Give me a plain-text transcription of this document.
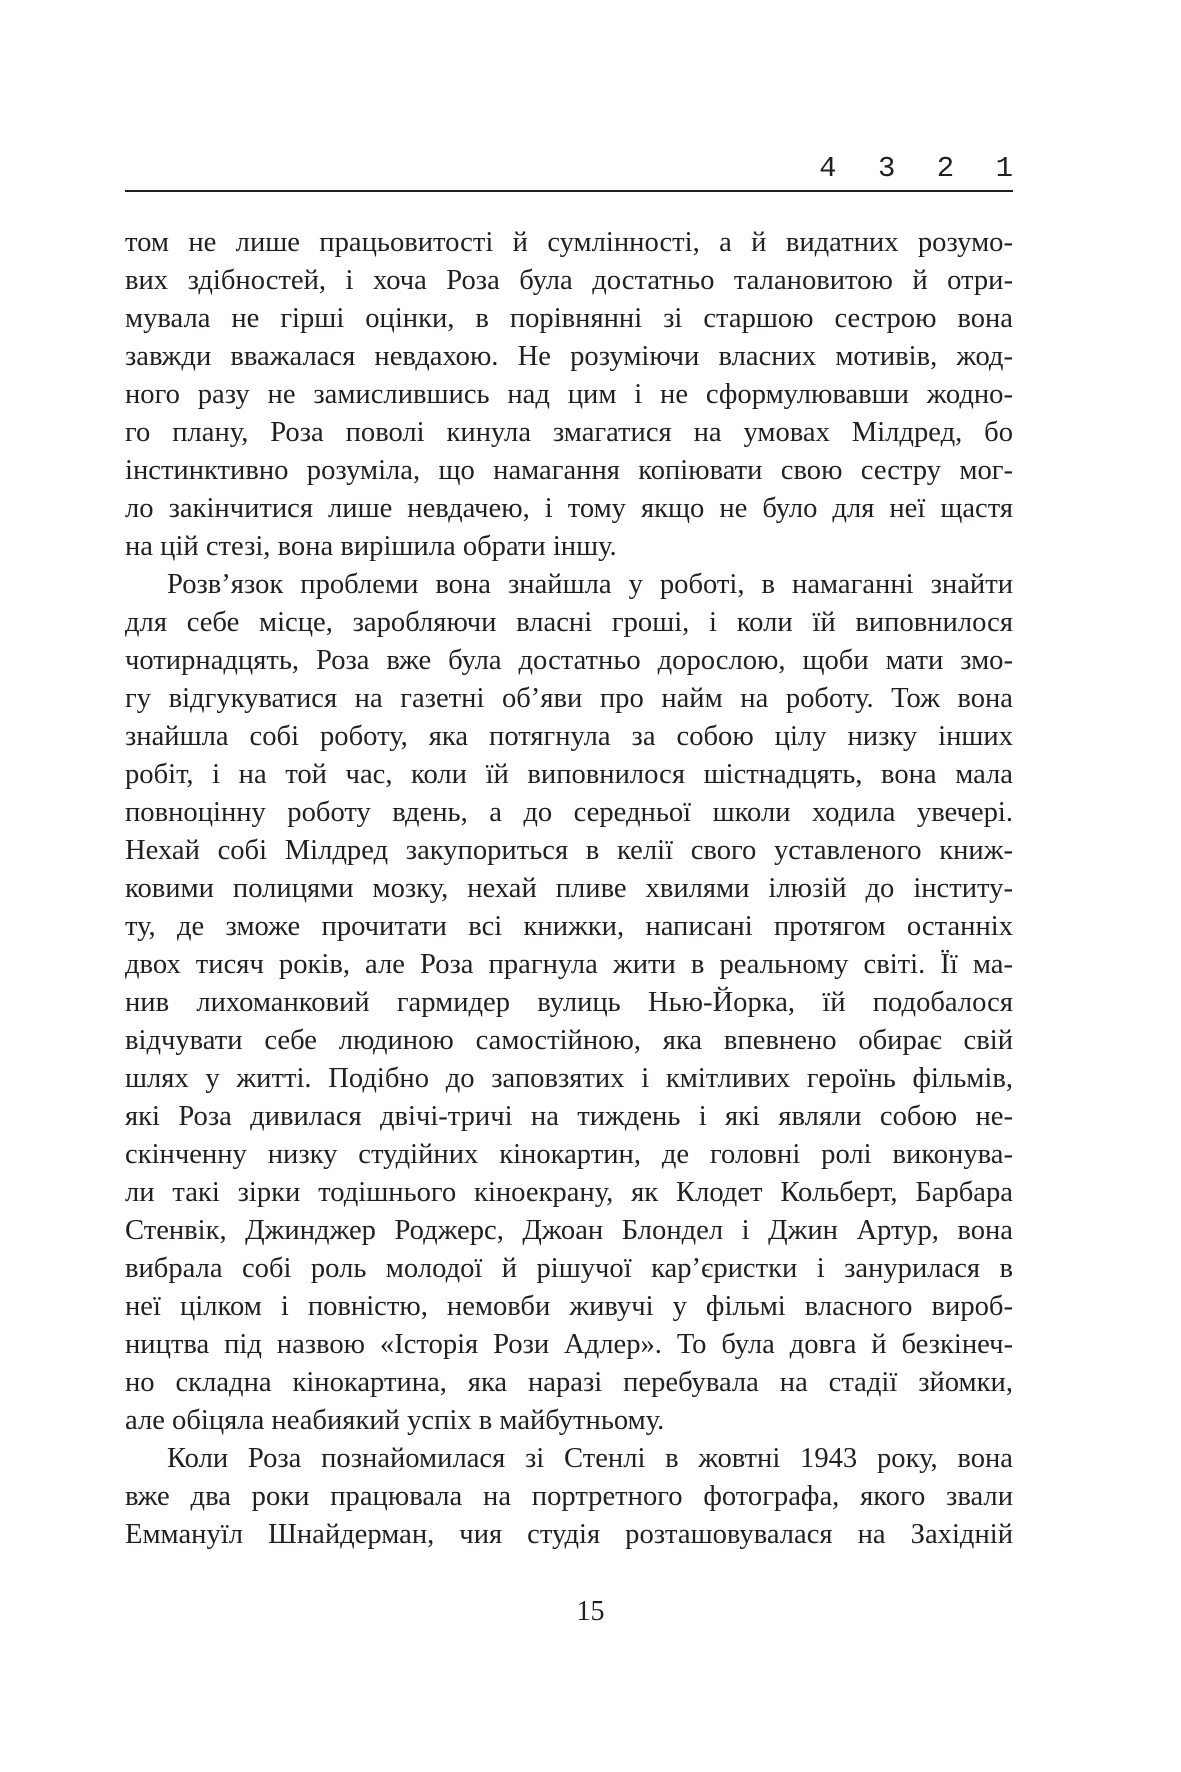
4 3 2 1
том не лише працьовитості й сумлінності, а й видатних розумо-
вих здібностей, і хоча Роза була достатньо талановитою й отри-
мувала не гірші оцінки, в порівнянні зі старшою сестрою вона
завжди вважалася невдахою. Не розуміючи власних мотивів, жод-
ного разу не замислившись над цим і не сформулювавши жодно-
го плану, Роза поволі кинула змагатися на умовах Мілдред, бо
інстинктивно розуміла, що намагання копіювати свою сестру мог-
ло закінчитися лише невдачею, і тому якщо не було для неї щастя
на цій стезі, вона вирішила обрати іншу.
Розв’язок проблеми вона знайшла у роботі, в намаганні знайти
для себе місце, заробляючи власні гроші, і коли їй виповнилося
чотирнадцять, Роза вже була достатньо дорослою, щоби мати змо-
гу відгукуватися на газетні об’яви про найм на роботу. Тож вона
знайшла собі роботу, яка потягнула за собою цілу низку інших
робіт, і на той час, коли їй виповнилося шістнадцять, вона мала
повноцінну роботу вдень, а до середньої школи ходила увечері.
Нехай собі Мілдред закупориться в келії свого уставленого книж-
ковими полицями мозку, нехай пливе хвилями ілюзій до інститу-
ту, де зможе прочитати всі книжки, написані протягом останніх
двох тисяч років, але Роза прагнула жити в реальному світі. Її ма-
нив лихоманковий гармидер вулиць Нью-Йорка, їй подобалося
відчувати себе людиною самостійною, яка впевнено обирає свій
шлях у житті. Подібно до заповзятих і кмітливих героїнь фільмів,
які Роза дивилася двічі-тричі на тиждень і які являли собою не-
скінченну низку студійних кінокартин, де головні ролі виконува-
ли такі зірки тодішнього кіноекрану, як Клодет Кольберт, Барбара
Стенвік, Джинджер Роджерс, Джоан Блондел і Джин Артур, вона
вибрала собі роль молодої й рішучої кар’єристки і занурилася в
неї цілком і повністю, немовби живучі у фільмі власного вироб-
ництва під назвою «Історія Рози Адлер». То була довга й безкінеч-
но складна кінокартина, яка наразі перебувала на стадії зйомки,
але обіцяла неабиякий успіх в майбутньому.
Коли Роза познайомилася зі Стенлі в жовтні 1943 року, вона
вже два роки працювала на портретного фотографа, якого звали
Еммануїл Шнайдерман, чия студія розташовувалася на Західній
15
